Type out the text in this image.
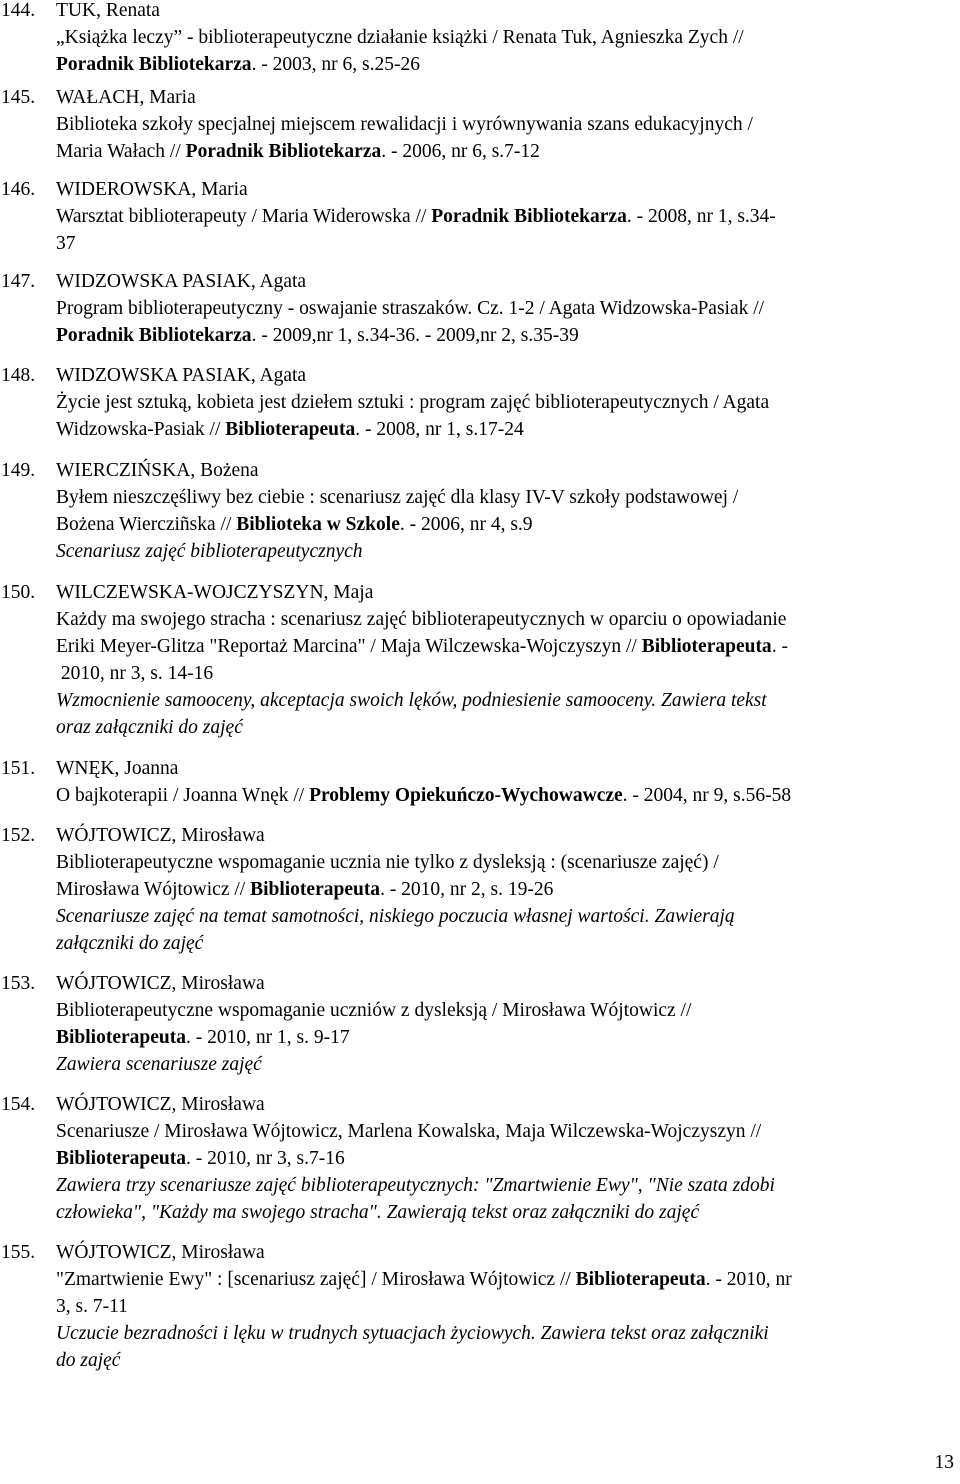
144. TUK, Renata
„Książka leczy” - biblioterapeutyczne działanie książki / Renata Tuk, Agnieszka Zych //
Poradnik Bibliotekarza. - 2003, nr 6, s.25-26
145. WAŁACH, Maria
Biblioteka szkoły specjalnej miejscem rewalidacji i wyrównywania szans edukacyjnych /
Maria Wałach // Poradnik Bibliotekarza. - 2006, nr 6, s.7-12
146. WIDEROWSKA, Maria
Warsztat biblioterapeuty / Maria Widerowska // Poradnik Bibliotekarza. - 2008, nr 1, s.34-
37
147. WIDZOWSKA PASIAK, Agata
Program biblioterapeutyczny - oswajanie straszaków. Cz. 1-2 / Agata Widzowska-Pasiak //
Poradnik Bibliotekarza. - 2009,nr 1, s.34-36. - 2009,nr 2, s.35-39
148. WIDZOWSKA PASIAK, Agata
Życie jest sztuką, kobieta jest dziełem sztuki : program zajęć biblioterapeutycznych / Agata
Widzowska-Pasiak // Biblioterapeuta. - 2008, nr 1, s.17-24
149. WIERCZIŃSKA, Bożena
Byłem nieszczęśliwy bez ciebie : scenariusz zajęć dla klasy IV-V szkoły podstawowej /
Bożena Wiercziñska // Biblioteka w Szkole. - 2006, nr 4, s.9
Scenariusz zajęć biblioterapeutycznych
150. WILCZEWSKA-WOJCZYSZYN, Maja
Każdy ma swojego stracha : scenariusz zajęć biblioterapeutycznych w oparciu o opowiadanie
Eriki Meyer-Glitza "Reportaż Marcina" / Maja Wilczewska-Wojczyszyn // Biblioterapeuta. -
2010, nr 3, s. 14-16
Wzmocnienie samooceny, akceptacja swoich lęków, podniesienie samooceny. Zawiera tekst
oraz załączniki do zajęć
151. WNĘK, Joanna
O bajkoterapii / Joanna Wnęk // Problemy Opiekuńczo-Wychowawcze. - 2004, nr 9, s.56-58
152. WÓJTOWICZ, Mirosława
Biblioterapeutyczne wspomaganie ucznia nie tylko z dysleksją : (scenariusze zajęć) /
Mirosława Wójtowicz // Biblioterapeuta. - 2010, nr 2, s. 19-26
Scenariusze zajęć na temat samotności, niskiego poczucia własnej wartości. Zawierają
załączniki do zajęć
153. WÓJTOWICZ, Mirosława
Biblioterapeutyczne wspomaganie uczniów z dysleksją / Mirosława Wójtowicz //
Biblioterapeuta. - 2010, nr 1, s. 9-17
Zawiera scenariusze zajęć
154. WÓJTOWICZ, Mirosława
Scenariusze / Mirosława Wójtowicz, Marlena Kowalska, Maja Wilczewska-Wojczyszyn //
Biblioterapeuta. - 2010, nr 3, s.7-16
Zawiera trzy scenariusze zajęć biblioterapeutycznych: "Zmartwienie Ewy", "Nie szata zdobi
człowieka", "Każdy ma swojego stracha". Zawierają tekst oraz załączniki do zajęć
155. WÓJTOWICZ, Mirosława
"Zmartwienie Ewy" : [scenariusz zajęć] / Mirosława Wójtowicz // Biblioterapeuta. - 2010, nr
3, s. 7-11
Uczucie bezradności i lęku w trudnych sytuacjach życiowych. Zawiera tekst oraz załączniki
do zajęć
13
